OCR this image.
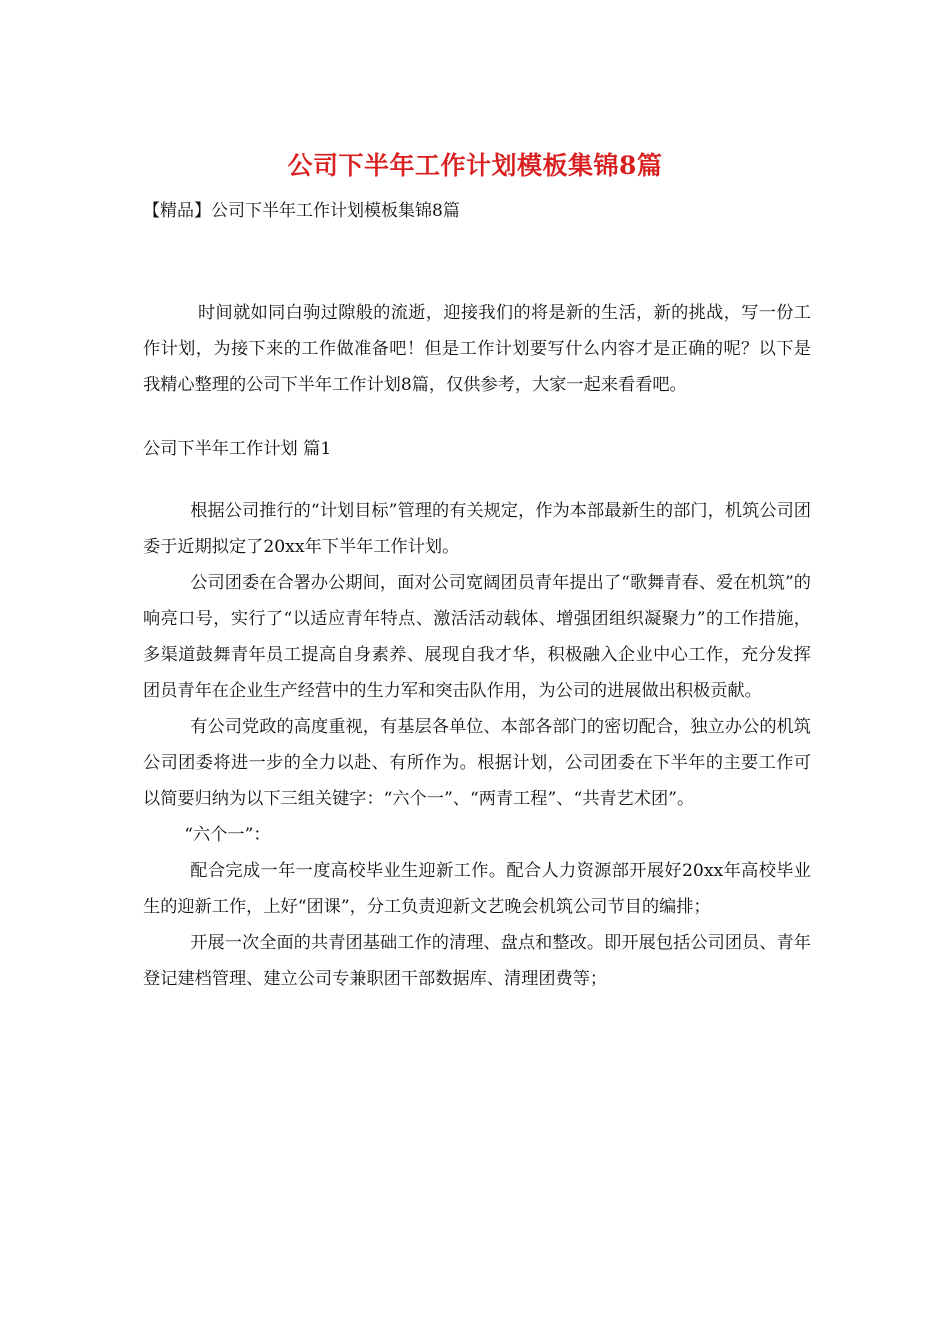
公司下半年工作计划模板集锦8篇
【精品】公司下半年工作计划模板集锦8篇

时间就如同白驹过隙般的流逝，迎接我们的将是新的生活，新的挑战，写一份工作计划，为接下来的工作做准备吧！但是工作计划要写什么内容才是正确的呢？以下是我精心整理的公司下半年工作计划8篇，仅供参考，大家一起来看看吧。

公司下半年工作计划 篇1

根据公司推行的“计划目标”管理的有关规定，作为本部最新生的部门，机筑公司团委于近期拟定了20xx年下半年工作计划。

公司团委在合署办公期间，面对公司宽阔团员青年提出了“歌舞青春、爱在机筑”的响亮口号，实行了“以适应青年特点、激活活动载体、增强团组织凝聚力”的工作措施，多渠道鼓舞青年员工提高自身素养、展现自我才华，积极融入企业中心工作，充分发挥团员青年在企业生产经营中的生力军和突击队作用，为公司的进展做出积极贡献。

有公司党政的高度重视，有基层各单位、本部各部门的密切配合，独立办公的机筑公司团委将进一步的全力以赴、有所作为。根据计划，公司团委在下半年的主要工作可以简要归纳为以下三组关键字：“六个一”、“两青工程”、“共青艺术团”。

“六个一”：

配合完成一年一度高校毕业生迎新工作。配合人力资源部开展好20xx年高校毕业生的迎新工作，上好“团课”，分工负责迎新文艺晚会机筑公司节目的编排；

开展一次全面的共青团基础工作的清理、盘点和整改。即开展包括公司团员、青年登记建档管理、建立公司专兼职团干部数据库、清理团费等；
